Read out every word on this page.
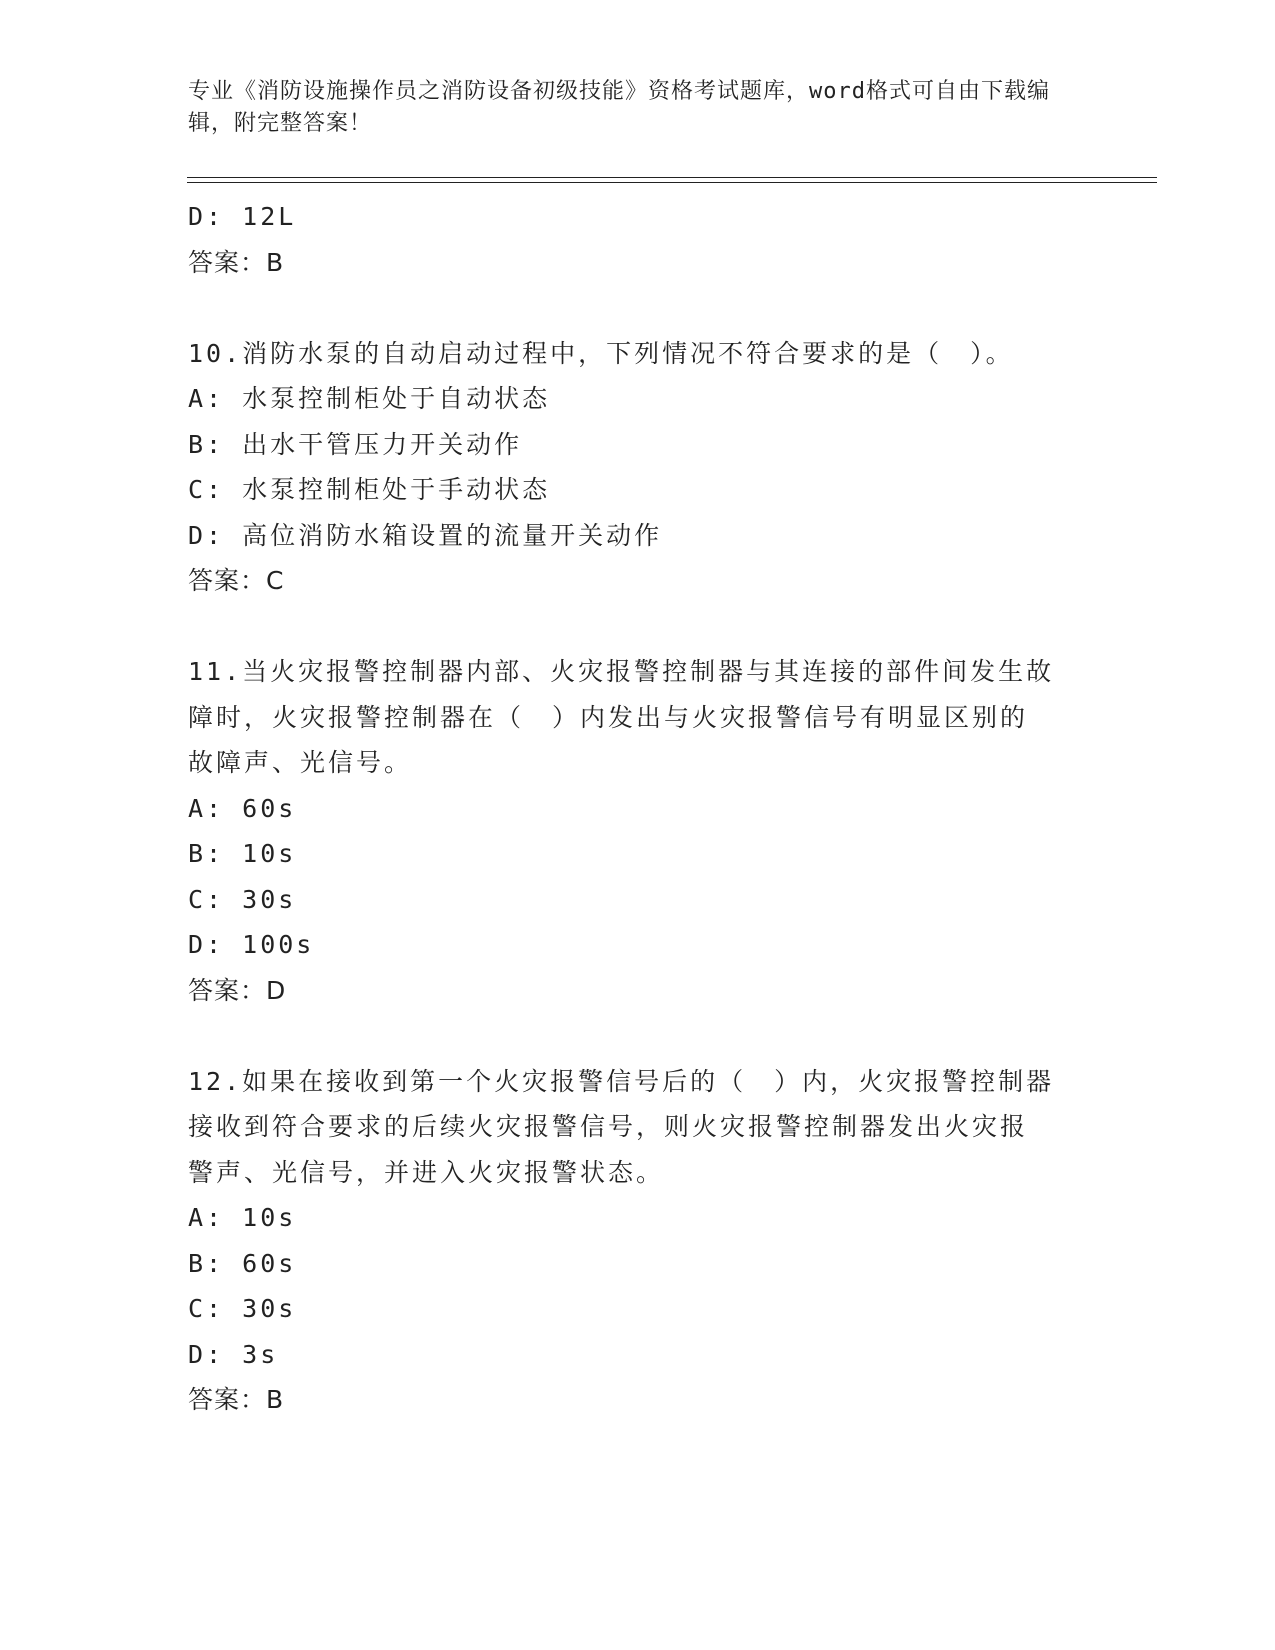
专业《消防设施操作员之消防设备初级技能》资格考试题库，word格式可自由下载编辑，附完整答案！
D: 12L
答案：B
10.消防水泵的自动启动过程中，下列情况不符合要求的是（　）。
A: 水泵控制柜处于自动状态
B: 出水干管压力开关动作
C: 水泵控制柜处于手动状态
D: 高位消防水箱设置的流量开关动作
答案：C
11.当火灾报警控制器内部、火灾报警控制器与其连接的部件间发生故
障时，火灾报警控制器在（　）内发出与火灾报警信号有明显区别的
故障声、光信号。
A: 60s
B: 10s
C: 30s
D: 100s
答案：D
12.如果在接收到第一个火灾报警信号后的（　）内，火灾报警控制器
接收到符合要求的后续火灾报警信号，则火灾报警控制器发出火灾报
警声、光信号，并进入火灾报警状态。
A: 10s
B: 60s
C: 30s
D: 3s
答案：B
